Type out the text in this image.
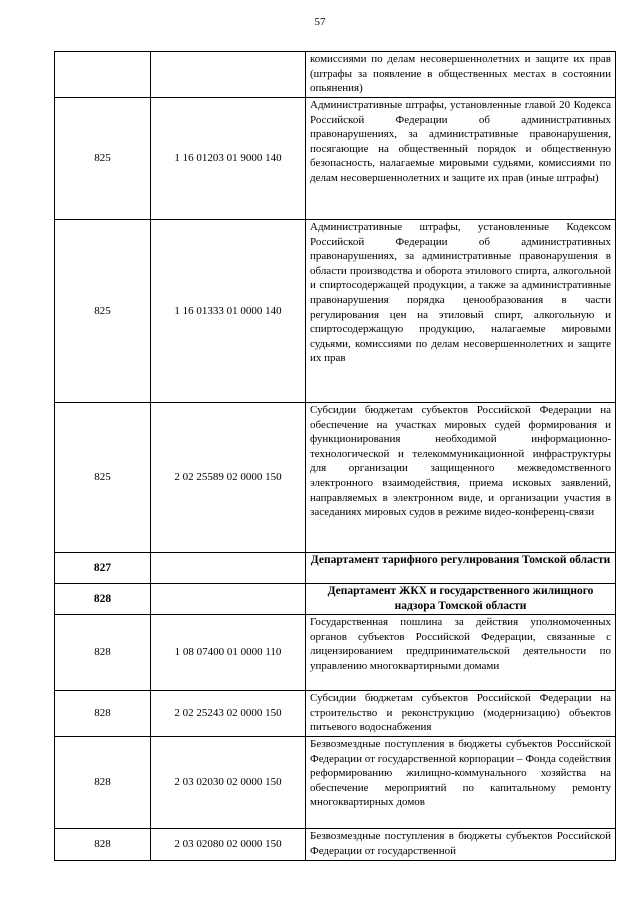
57
		комиссиями по делам несовершеннолетних и защите их прав (штрафы за появление в общественных местах в состоянии опьянения)
825	1 16 01203 01 9000 140	Административные штрафы, установленные главой 20 Кодекса Российской Федерации об административных правонарушениях, за административные правонарушения, посягающие на общественный порядок и общественную безопасность, налагаемые мировыми судьями, комиссиями по делам несовершеннолетних и защите их прав (иные штрафы)
825	1 16 01333 01 0000 140	Административные штрафы, установленные Кодексом Российской Федерации об административных правонарушениях, за административные правонарушения в области производства и оборота этилового спирта, алкогольной и спиртосодержащей продукции, а также за административные правонарушения порядка ценообразования в части регулирования цен на этиловый спирт, алкогольную и спиртосодержащую продукцию, налагаемые мировыми судьями, комиссиями по делам несовершеннолетних и защите их прав
825	2 02 25589 02 0000 150	Субсидии бюджетам субъектов Российской Федерации на обеспечение на участках мировых судей формирования и функционирования необходимой информационно-технологической и телекоммуникационной инфраструктуры для организации защищенного межведомственного электронного взаимодействия, приема исковых заявлений, направляемых в электронном виде, и организации участия в заседаниях мировых судов в режиме видео-конференц-связи
827		Департамент тарифного регулирования Томской области
828		Департамент ЖКХ и государственного жилищного надзора Томской области
828	1 08 07400 01 0000 110	Государственная пошлина за действия уполномоченных органов субъектов Российской Федерации, связанные с лицензированием предпринимательской деятельности по управлению многоквартирными домами
828	2 02 25243 02 0000 150	Субсидии бюджетам субъектов Российской Федерации на строительство и реконструкцию (модернизацию) объектов питьевого водоснабжения
828	2 03 02030 02 0000 150	Безвозмездные поступления в бюджеты субъектов Российской Федерации от государственной корпорации – Фонда содействия реформированию жилищно-коммунального хозяйства на обеспечение мероприятий по капитальному ремонту многоквартирных домов
828	2 03 02080 02 0000 150	Безвозмездные поступления в бюджеты субъектов Российской Федерации от государственной
